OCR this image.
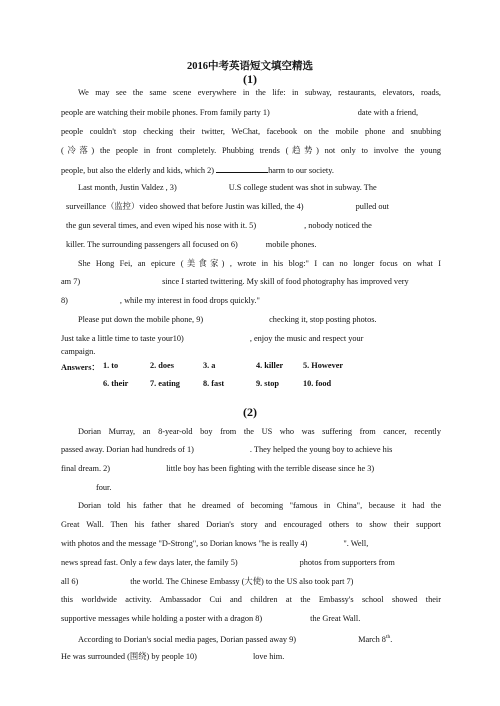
2016中考英语短文填空精选
(1)
We may see the same scene everywhere in the life: in subway, restaurants, elevators, roads,
people are watching their mobile phones. From family party 1)	date with a friend,
people couldn't stop checking their twitter, WeChat, facebook on the mobile phone and snubbing
(冷落) the people in front completely. Phubbing trends (趋势) not only to involve the young
people, but also the elderly and kids, which 2)	harm to our society.
Last month, Justin Valdez , 3)	U.S college student was shot in subway. The
surveillance（监控）video showed that before Justin was killed, the 4)	pulled out
the gun several times, and even wiped his nose with it. 5)	, nobody noticed the
killer. The surrounding passengers all focused on 6)	mobile phones.
She Hong Fei, an epicure (美食家) , wrote in his blog:" I can no longer focus on what I
am 7)	since I started twittering. My skill of food photography has improved very
8)	, while my interest in food drops quickly."
Please put down the mobile phone, 9)	checking it, stop posting photos.
Just take a little time to taste your10)	, enjoy the music and respect your
campaign.
Answers： 1. to	2. does	3. a	4. killer 5. However
6. their	7. eating	8. fast	9. stop	10. food
(2)
Dorian Murray, an 8-year-old boy from the US who was suffering from cancer, recently
passed away. Dorian had hundreds of 1)	. They helped the young boy to achieve his
final dream. 2)	little boy has been fighting with the terrible disease since he 3)
four.
Dorian told his father that he dreamed of becoming "famous in China", because it had the
Great Wall. Then his father shared Dorian's story and encouraged others to show their support
with photos and the message "D-Strong", so Dorian knows "he is really 4)	". Well,
news spread fast. Only a few days later, the family 5)	photos from supporters from
all 6)	the world. The Chinese Embassy (大使) to the US also took part 7)
this worldwide activity. Ambassador Cui and children at the Embassy's school showed their
supportive messages while holding a poster with a dragon 8)	the Great Wall.
According to Dorian's social media pages, Dorian passed away 9)	March 8th.
He was surrounded (围绕) by people 10)	love him.
